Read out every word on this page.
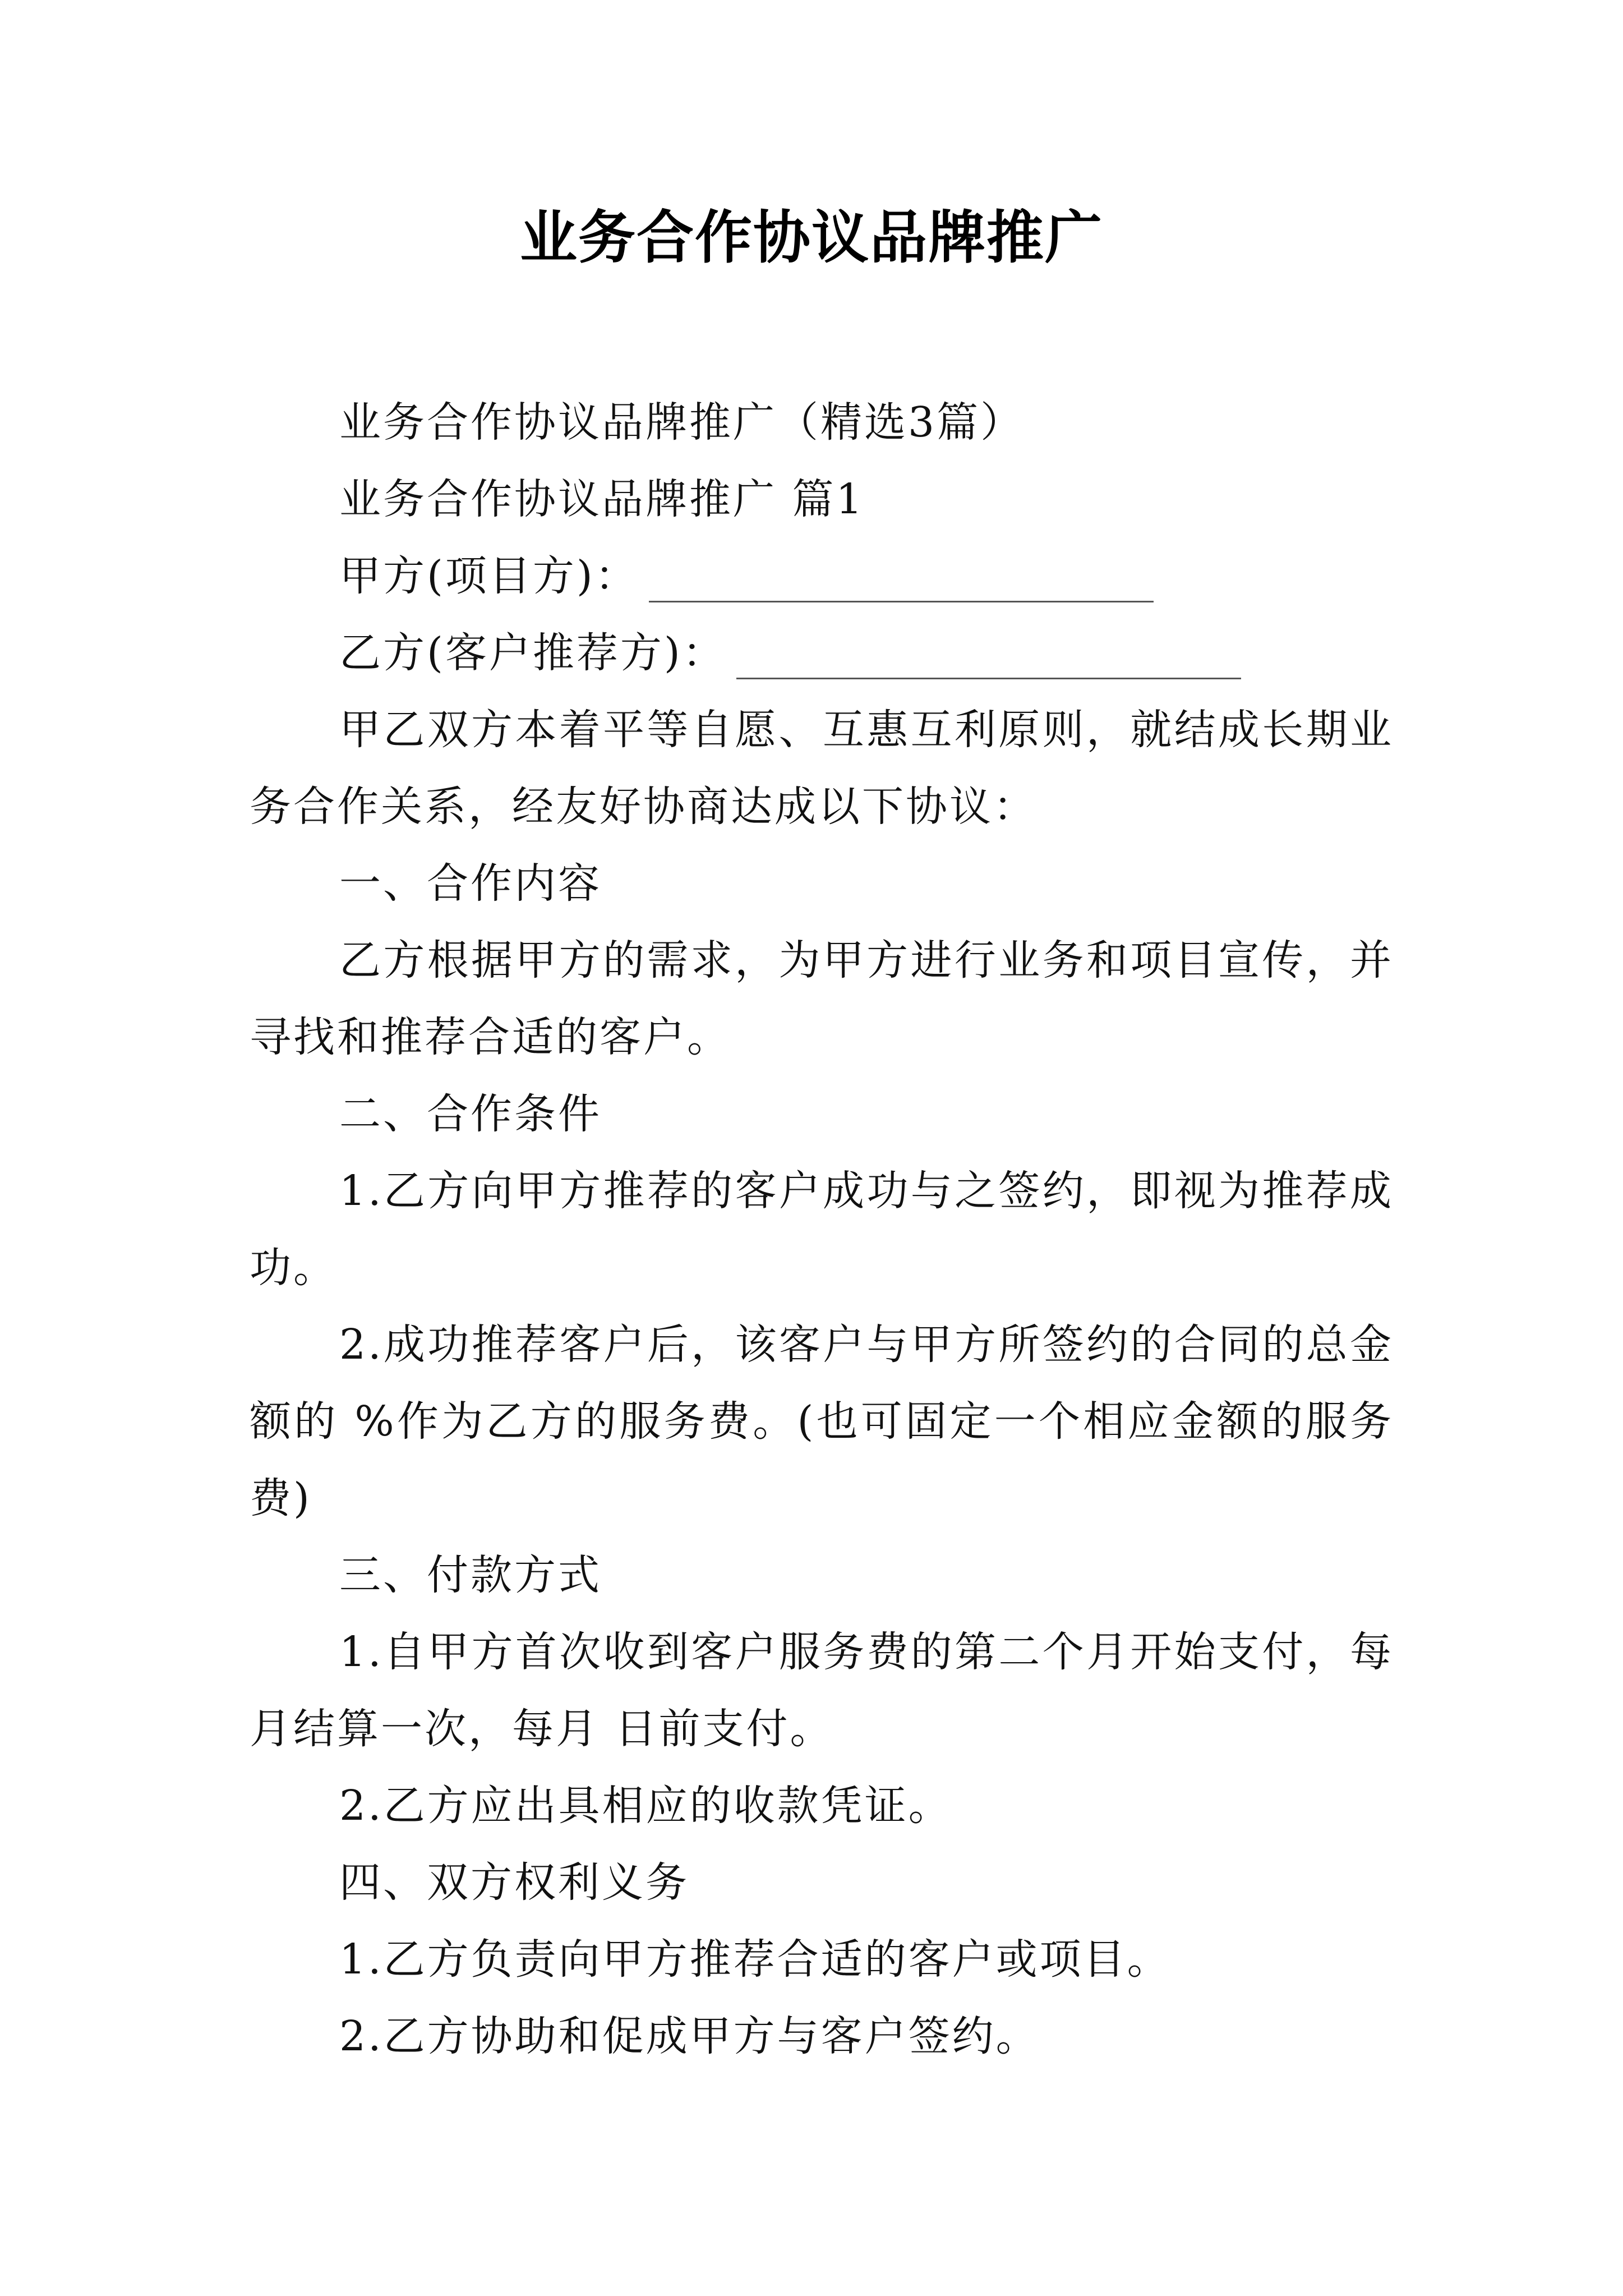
业务合作协议品牌推广

业务合作协议品牌推广（精选3篇）

业务合作协议品牌推广 篇1

甲方(项目方)：

乙方(客户推荐方)：

甲乙双方本着平等自愿、互惠互利原则，就结成长期业务合作关系，经友好协商达成以下协议：

一、合作内容

乙方根据甲方的需求，为甲方进行业务和项目宣传，并寻找和推荐合适的客户。

二、合作条件

1.乙方向甲方推荐的客户成功与之签约，即视为推荐成功。

2.成功推荐客户后，该客户与甲方所签约的合同的总金额的 %作为乙方的服务费。(也可固定一个相应金额的服务费)

三、付款方式

1.自甲方首次收到客户服务费的第二个月开始支付，每月结算一次，每月 日前支付。

2.乙方应出具相应的收款凭证。

四、双方权利义务

1.乙方负责向甲方推荐合适的客户或项目。

2.乙方协助和促成甲方与客户签约。
